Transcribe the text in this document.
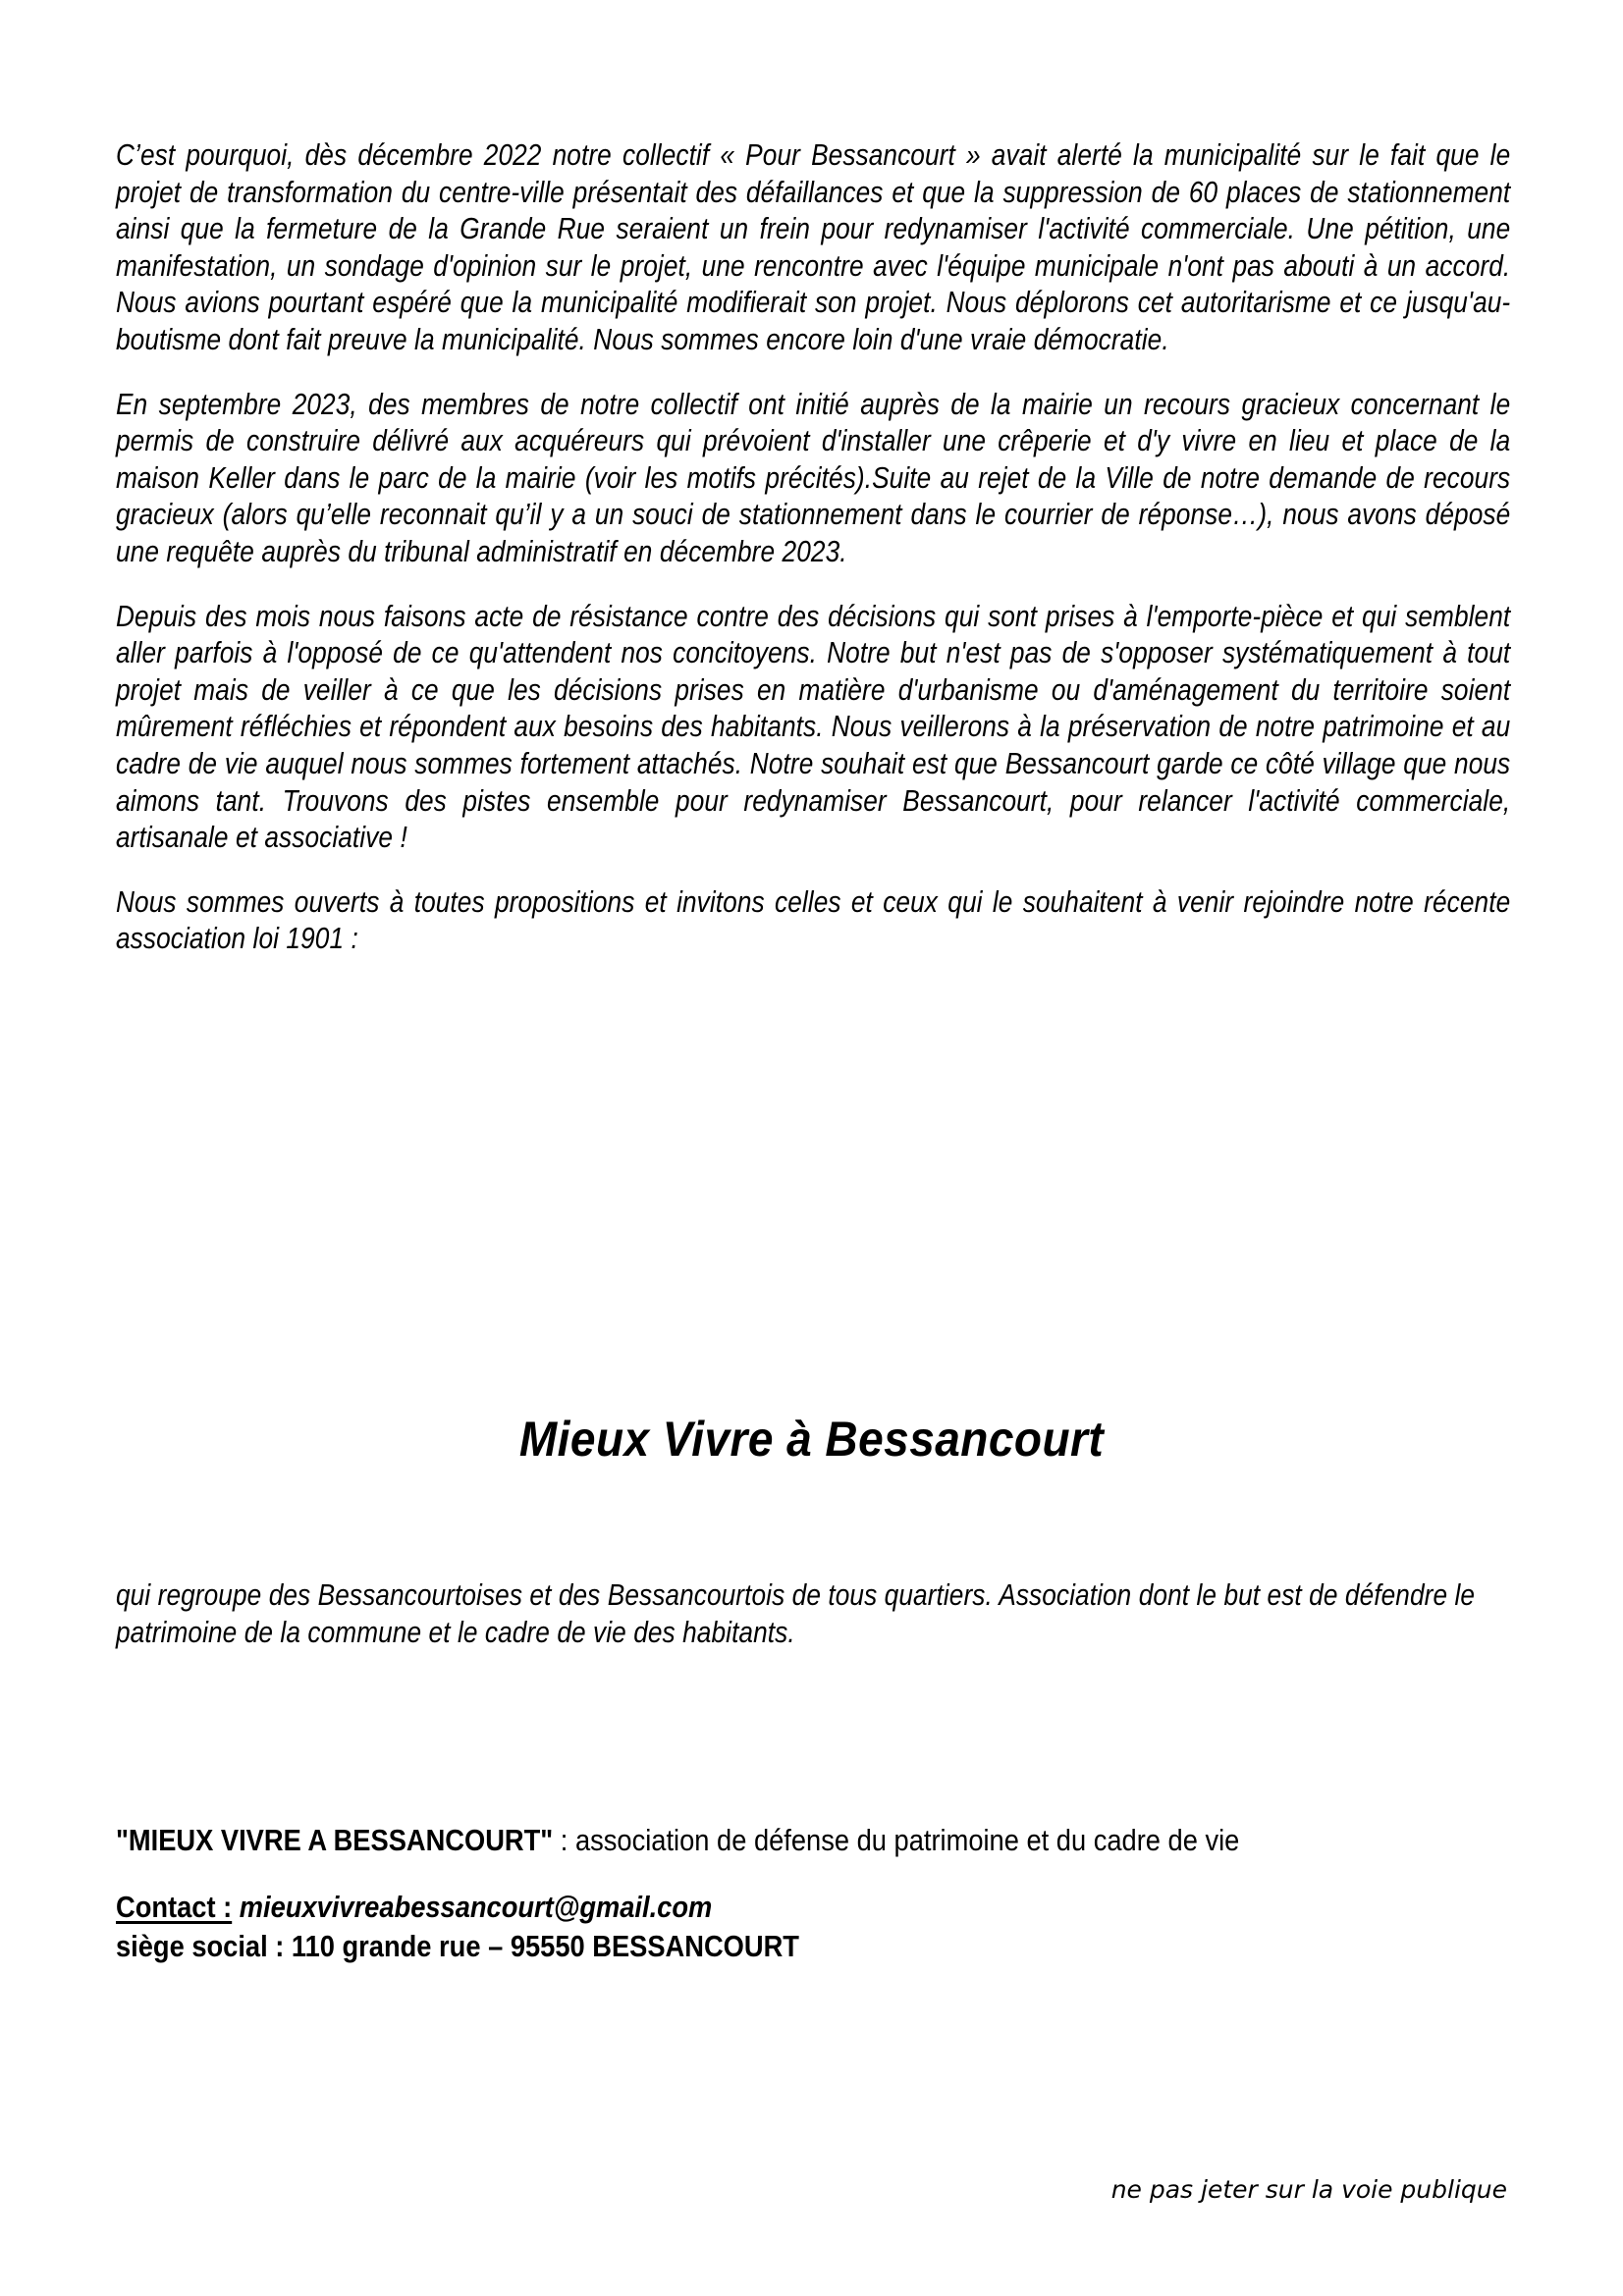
C’est pourquoi, dès décembre 2022 notre collectif « Pour Bessancourt » avait alerté la municipalité sur le fait que le projet de transformation du centre-ville présentait des défaillances et que la suppression de 60 places de stationnement ainsi que la fermeture de la Grande Rue seraient un frein pour redynamiser l'activité commerciale. Une pétition, une manifestation, un sondage d'opinion sur le projet, une rencontre avec l'équipe municipale n'ont pas abouti à un accord. Nous avions pourtant espéré que la municipalité modifierait son projet. Nous déplorons cet autoritarisme et ce jusqu'au-boutisme dont fait preuve la municipalité. Nous sommes encore loin d'une vraie démocratie.

En septembre 2023, des membres de notre collectif ont initié auprès de la mairie un recours gracieux concernant le permis de construire délivré aux acquéreurs qui prévoient d'installer une crêperie et d'y vivre en lieu et place de la maison Keller dans le parc de la mairie (voir les motifs précités).Suite au rejet de la Ville de notre demande de recours gracieux (alors qu’elle reconnait qu’il y a un souci de stationnement dans le courrier de réponse…), nous avons déposé une requête auprès du tribunal administratif en décembre 2023.

Depuis des mois nous faisons acte de résistance contre des décisions qui sont prises à l'emporte-pièce et qui semblent aller parfois à l'opposé de ce qu'attendent nos concitoyens. Notre but n'est pas de s'opposer systématiquement à tout projet mais de veiller à ce que les décisions prises en matière d'urbanisme ou d'aménagement du territoire soient mûrement réfléchies et répondent aux besoins des habitants. Nous veillerons à la préservation de notre patrimoine et au cadre de vie auquel nous sommes fortement attachés. Notre souhait est que Bessancourt garde ce côté village que nous aimons tant. Trouvons des pistes ensemble pour redynamiser Bessancourt, pour relancer l'activité commerciale, artisanale et associative !

Nous sommes ouverts à toutes propositions et invitons celles et ceux qui le souhaitent à venir rejoindre notre récente association loi 1901 :

Mieux Vivre à Bessancourt

qui regroupe des Bessancourtoises et des Bessancourtois de tous quartiers. Association dont le but est de défendre le patrimoine de la commune et le cadre de vie des habitants.

"MIEUX VIVRE A BESSANCOURT" : association de défense du patrimoine et du cadre de vie
Contact : mieuxvivreabessancourt@gmail.com
siège social : 110 grande rue – 95550 BESSANCOURT
ne pas jeter sur la voie publique
